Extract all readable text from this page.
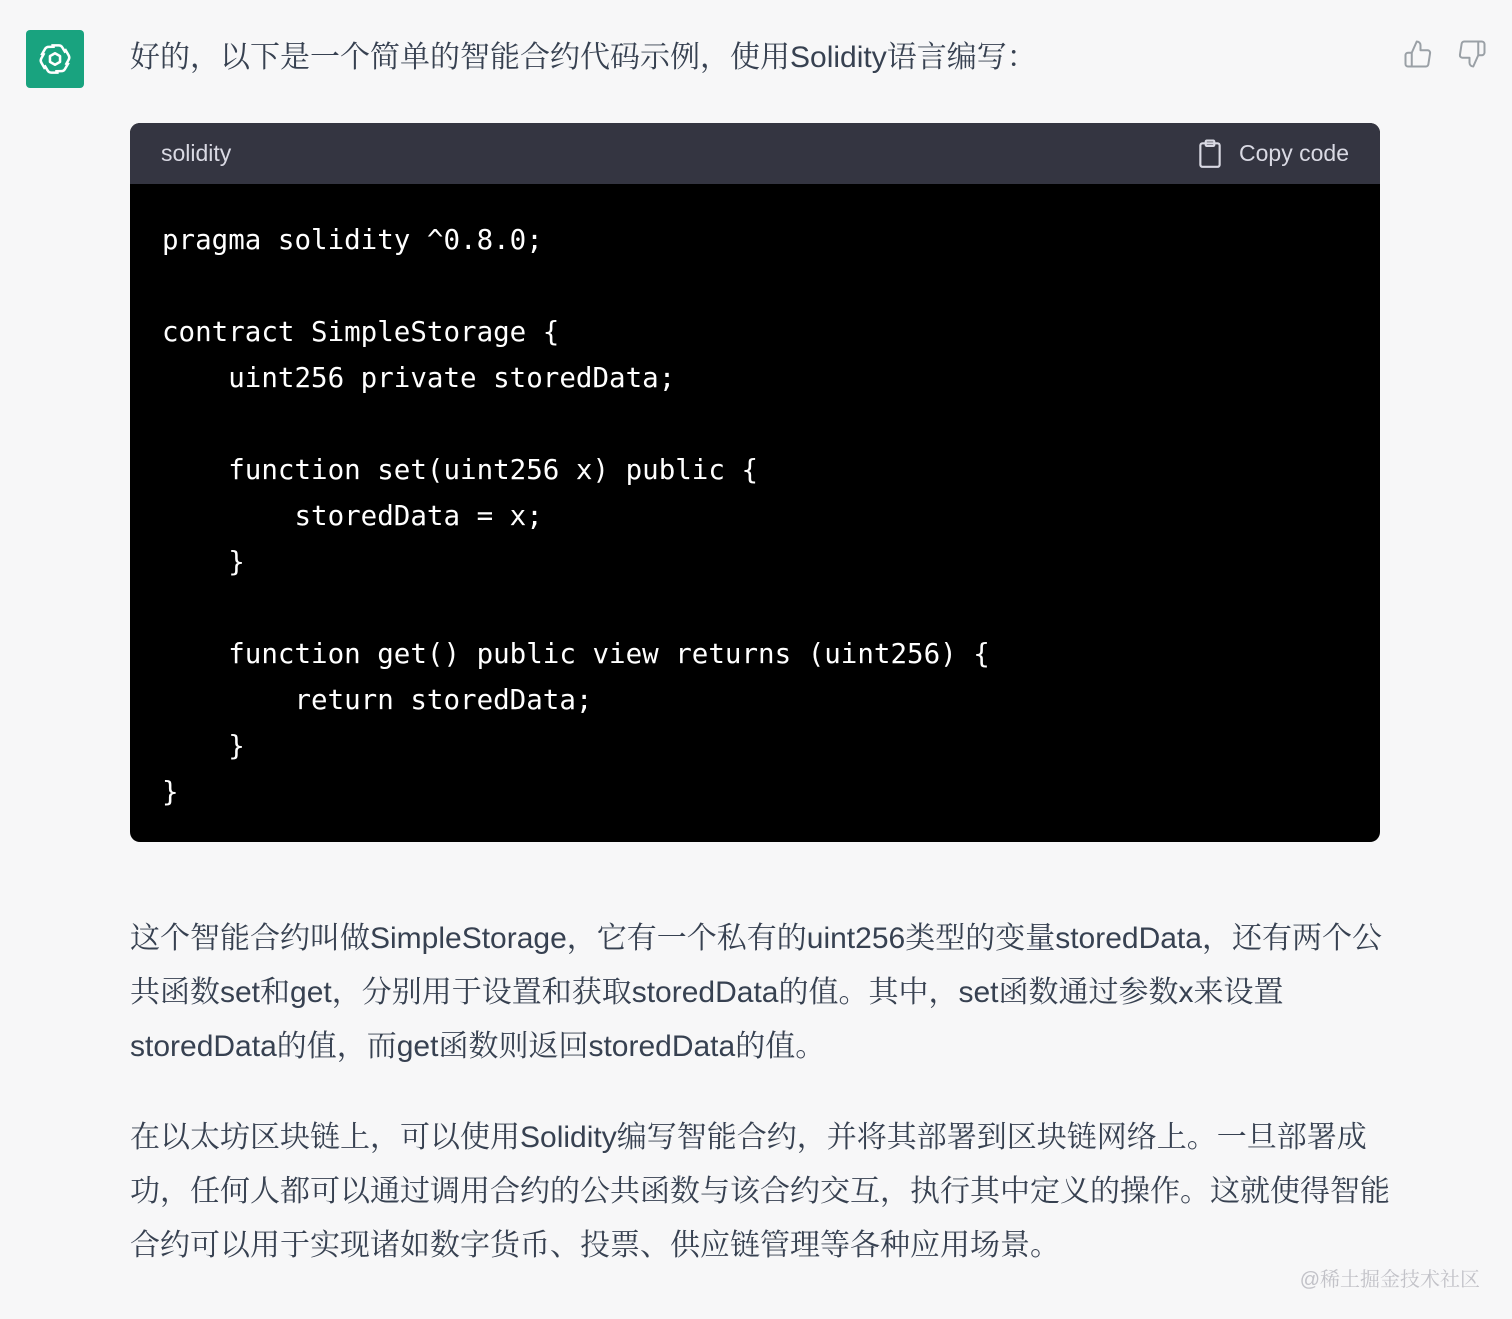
好的，以下是一个简单的智能合约代码示例，使用Solidity语言编写：
solidity	Copy code
pragma solidity ^0.8.0;

contract SimpleStorage {
uint256 private storedData;

function set(uint256 x) public {
storedData = x;
}

function get() public view returns (uint256) {
return storedData;
}
}
这个智能合约叫做SimpleStorage，它有一个私有的uint256类型的变量storedData，还有两个公共函数set和get，分别用于设置和获取storedData的值。其中，set函数通过参数x来设置storedData的值，而get函数则返回storedData的值。
在以太坊区块链上，可以使用Solidity编写智能合约，并将其部署到区块链网络上。一旦部署成功，任何人都可以通过调用合约的公共函数与该合约交互，执行其中定义的操作。这就使得智能合约可以用于实现诸如数字货币、投票、供应链管理等各种应用场景。
@稀土掘金技术社区
